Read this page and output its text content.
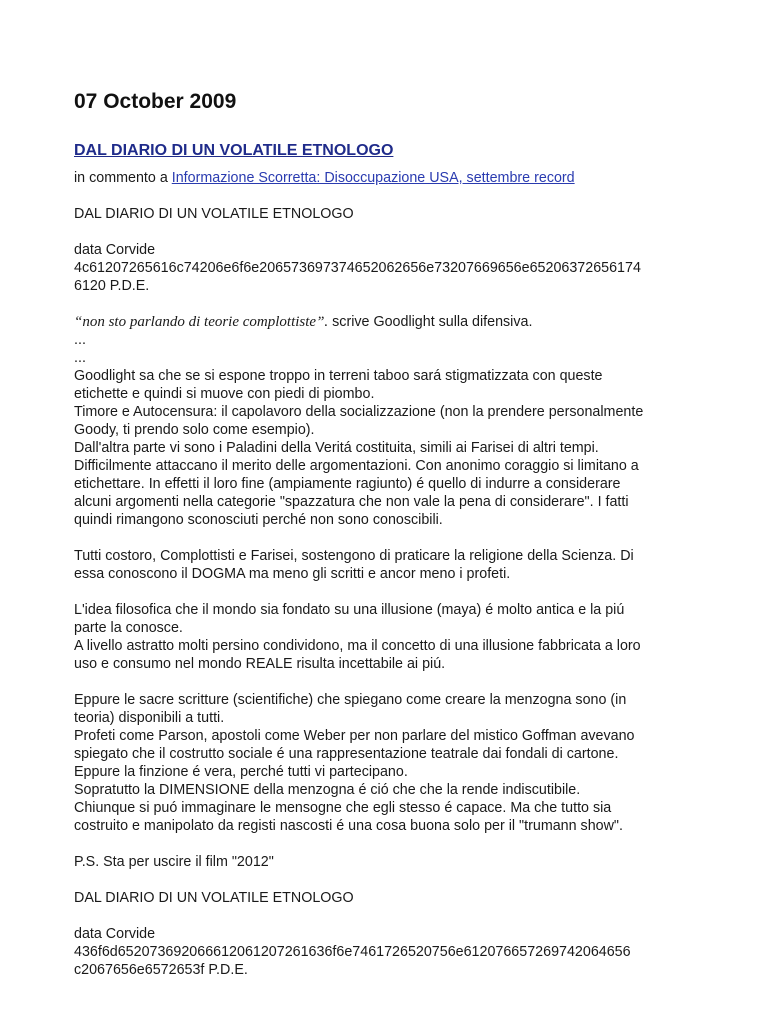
07 October 2009
DAL DIARIO DI UN VOLATILE ETNOLOGO

in commento a Informazione Scorretta: Disoccupazione USA, settembre record

DAL DIARIO DI UN VOLATILE ETNOLOGO

data Corvide

4c61207265616c74206e6f6e206573697374652062656e73207669656e65206372656174

6120 P.D.E.

“non sto parlando di teorie complottiste”. scrive Goodlight sulla difensiva.

...

...

Goodlight sa che se si espone troppo in terreni taboo sará stigmatizzata con queste

etichette e quindi si muove con piedi di piombo.

Timore e Autocensura: il capolavoro della socializzazione (non la prendere personalmente

Goody, ti prendo solo come esempio).

Dall'altra parte vi sono i Paladini della Veritá costituita, simili ai Farisei di altri tempi.

Difficilmente attaccano il merito delle argomentazioni. Con anonimo coraggio si limitano a

etichettare. In effetti il loro fine (ampiamente ragiunto) é quello di indurre a considerare

alcuni argomenti nella categorie "spazzatura che non vale la pena di considerare". I fatti

quindi rimangono sconosciuti perché non sono conoscibili.

Tutti costoro, Complottisti e Farisei, sostengono di praticare la religione della Scienza. Di

essa conoscono il DOGMA ma meno gli scritti e ancor meno i profeti.

L'idea filosofica che il mondo sia fondato su una illusione (maya) é molto antica e la piú

parte la conosce.

A livello astratto molti persino condividono, ma il concetto di una illusione fabbricata a loro

uso e consumo nel mondo REALE risulta incettabile ai piú.

Eppure le sacre scritture (scientifiche) che spiegano come creare la menzogna sono (in

teoria) disponibili a tutti.

Profeti come Parson, apostoli come Weber per non parlare del mistico Goffman avevano

spiegato che il costrutto sociale é una rappresentazione teatrale dai fondali di cartone.

Eppure la finzione é vera, perché tutti vi partecipano.

Sopratutto la DIMENSIONE della menzogna é ció che che la rende indiscutibile.

Chiunque si puó immaginare le mensogne che egli stesso é capace. Ma che tutto sia

costruito e manipolato da registi nascosti é una cosa buona solo per il "trumann show".

P.S. Sta per uscire il film "2012"

DAL DIARIO DI UN VOLATILE ETNOLOGO

data Corvide

436f6d652073692066612061207261636f6e7461726520756e612076657269742064656

c2067656e6572653f P.D.E.
